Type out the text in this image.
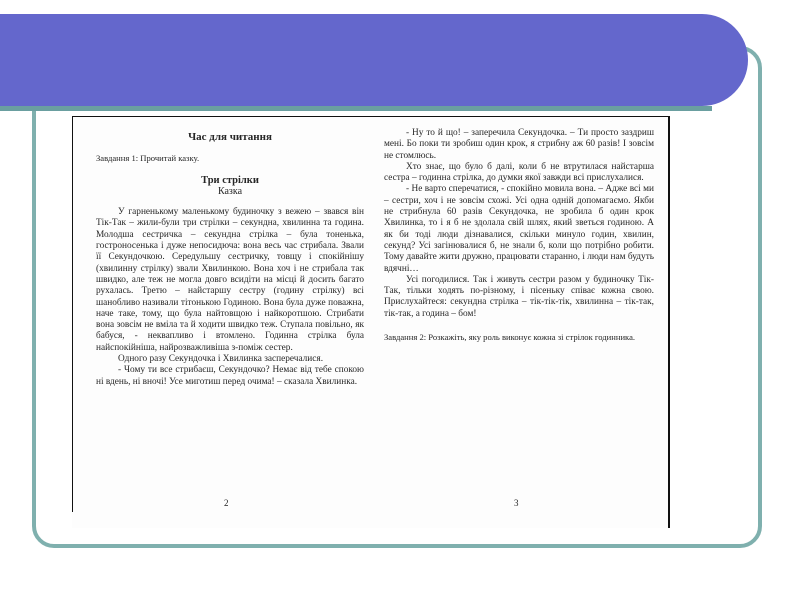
Час для читання

Завдання 1: Прочитай казку.

Три стрілки

Казка

У гарненькому маленькому будиночку з вежею – звався він Тік-Так – жили-були три стрілки – секундна, хвилинна та година. Молодша сестричка – секундна стрілка – була тоненька, гостроносенька і дуже непосидюча: вона весь час стрибала. Звали її Секундочкою. Середульшу сестричку, товщу і спокійнішу (хвилинну стрілку) звали Хвилинкою. Вона хоч і не стрибала так швидко, але теж не могла довго всидіти на місці й досить багато рухалась. Третю – найстаршу сестру (годину стрілку) всі шанобливо називали тітонькою Годиною. Вона була дуже поважна, наче таке, тому, що була найтовщою і найкоротшою. Стрибати вона зовсім не вміла та й ходити швидко теж. Ступала повільно, як бабуся, - неквапливо і втомлено. Годинна стрілка була найспокійніша, найрозважливіша з-поміж сестер.

Одного разу Секундочка і Хвилинка засперечалися.

- Чому ти все стрибаєш, Секундочко? Немає від тебе спокою ні вдень, ні вночі! Усе миготиш перед очима! – сказала Хвилинка.

- Ну то й що! – заперечила Секундочка. – Ти просто заздриш мені. Бо поки ти зробиш один крок, я стрибну аж 60 разів! І зовсім не стомлюсь.

Хто знає, що було б далі, коли б не втрутилася найстарша сестра – годинна стрілка, до думки якої завжди всі прислухалися.

- Не варто сперечатися, - спокійно мовила вона. – Адже всі ми – сестри, хоч і не зовсім схожі. Усі одна одній допомагаємо. Якби не стрибнула 60 разів Секундочка, не зробила б один крок Хвилинка, то і я б не здолала свій шлях, який зветься годиною. А як би тоді люди дізнавалися, скільки минуло годин, хвилин, секунд? Усі загінювалися б, не знали б, коли що потрібно робити. Тому давайте жити дружно, працювати старанно, і люди нам будуть вдячні…

Усі погодилися. Так і живуть сестри разом у будиночку Тік-Так, тільки ходять по-різному, і пісеньку співає кожна свою. Прислухайтеся: секундна стрілка – тік-тік-тік, хвилинна – тік-так, тік-так, а година – бом!

Завдання 2: Розкажіть, яку роль виконує кожна зі стрілок годинника.

2	3
